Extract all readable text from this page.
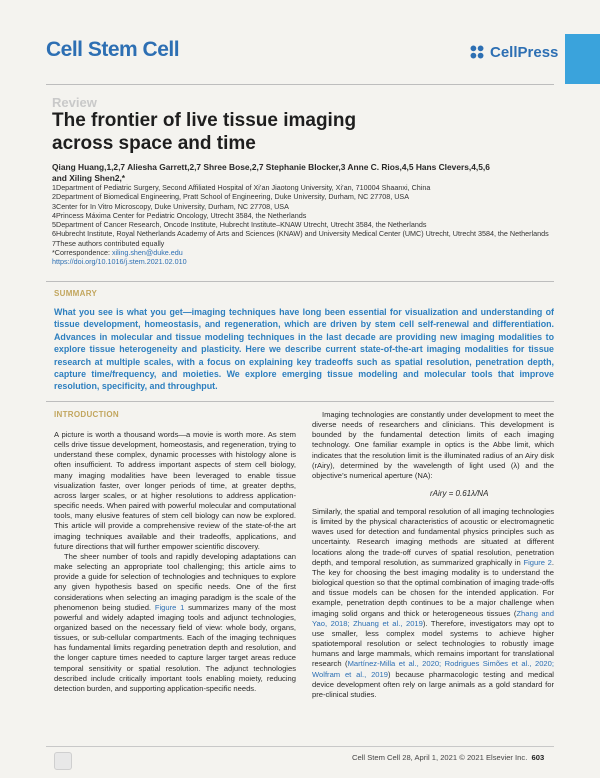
Cell Stem Cell	CellPress
Review
The frontier of live tissue imaging
across space and time
Qiang Huang,1,2,7 Aliesha Garrett,2,7 Shree Bose,2,7 Stephanie Blocker,3 Anne C. Rios,4,5 Hans Clevers,4,5,6
and Xiling Shen2,*
1Department of Pediatric Surgery, Second Affiliated Hospital of Xi’an Jiaotong University, Xi’an, 710004 Shaanxi, China
2Department of Biomedical Engineering, Pratt School of Engineering, Duke University, Durham, NC 27708, USA
3Center for In Vitro Microscopy, Duke University, Durham, NC 27708, USA
4Princess Máxima Center for Pediatric Oncology, Utrecht 3584, the Netherlands
5Department of Cancer Research, Oncode Institute, Hubrecht Institute–KNAW Utrecht, Utrecht 3584, the Netherlands
6Hubrecht Institute, Royal Netherlands Academy of Arts and Sciences (KNAW) and University Medical Center (UMC) Utrecht, Utrecht 3584, the Netherlands
7These authors contributed equally
*Correspondence: xiling.shen@duke.edu
https://doi.org/10.1016/j.stem.2021.02.010
SUMMARY
What you see is what you get—imaging techniques have long been essential for visualization and understanding of tissue development, homeostasis, and regeneration, which are driven by stem cell self-renewal and differentiation. Advances in molecular and tissue modeling techniques in the last decade are providing new imaging modalities to explore tissue heterogeneity and plasticity. Here we describe current state-of-the-art imaging modalities for tissue research at multiple scales, with a focus on explaining key tradeoffs such as spatial resolution, penetration depth, capture time/frequency, and moieties. We explore emerging tissue modeling and molecular tools that improve resolution, specificity, and throughput.
INTRODUCTION

A picture is worth a thousand words—a movie is worth more. As stem cells drive tissue development, homeostasis, and regeneration, trying to understand these complex, dynamic processes with histology alone is often insufficient. To address important aspects of stem cell biology, many imaging modalities have been leveraged to enable tissue visualization faster, over longer periods of time, at greater depths, across larger scales, or at higher resolutions to address application-specific needs. When paired with powerful molecular and computational tools, many elusive features of stem cell biology can now be explored. This article will provide a comprehensive review of the state-of-the art imaging techniques available and their tradeoffs, applications, and future directions that will further empower scientific discovery.

The sheer number of tools and rapidly developing adaptations can make selecting an appropriate tool challenging; this article aims to provide a guide for selection of technologies and techniques to explore any given hypothesis based on specific needs. One of the first considerations when selecting an imaging paradigm is the scale of the phenomenon being studied. Figure 1 summarizes many of the most powerful and widely adapted imaging tools and adjunct technologies, organized based on the necessary field of view: whole body, organs, tissues, or sub-cellular compartments. Each of the imaging techniques has fundamental limits regarding penetration depth and resolution, and the longer capture times needed to capture larger target areas reduce temporal sensitivity or spatial resolution. The adjunct technologies described include critically important tools enabling moiety, reducing detection burden, and supporting application-specific needs.

Imaging technologies are constantly under development to meet the diverse needs of researchers and clinicians. This development is bounded by the fundamental detection limits of each imaging technology. One familiar example in optics is the Abbe limit, which indicates that the resolution limit is the illuminated radius of an Airy disk (rAiry), determined by the wavelength of light used (λ) and the objective’s numerical aperture (NA):

rAiry = 0.61λ/NA

Similarly, the spatial and temporal resolution of all imaging technologies is limited by the physical characteristics of acoustic or electromagnetic waves used for detection and fundamental physics principles such as uncertainty. Research imaging methods are situated at different locations along the trade-off curves of spatial resolution, penetration depth, and temporal resolution, as summarized graphically in Figure 2. The key for choosing the best imaging modality is to understand the biological question so that the optimal combination of imaging trade-offs and tissue models can be chosen for the intended application. For example, penetration depth continues to be a major challenge when imaging solid organs and thick or heterogeneous tissues (Zhang and Yao, 2018; Zhuang et al., 2019). Therefore, investigators may opt to use smaller, less complex model systems to achieve higher spatiotemporal resolution or select technologies to robustly image humans and large mammals, which remains important for translational research (Martínez-Milla et al., 2020; Rodrigues Simões et al., 2020; Wolfram et al., 2019) because pharmacologic testing and medical device development often rely on large animals as a gold standard for pre-clinical studies.

Cell Stem Cell 28, April 1, 2021 © 2021 Elsevier Inc. 603
